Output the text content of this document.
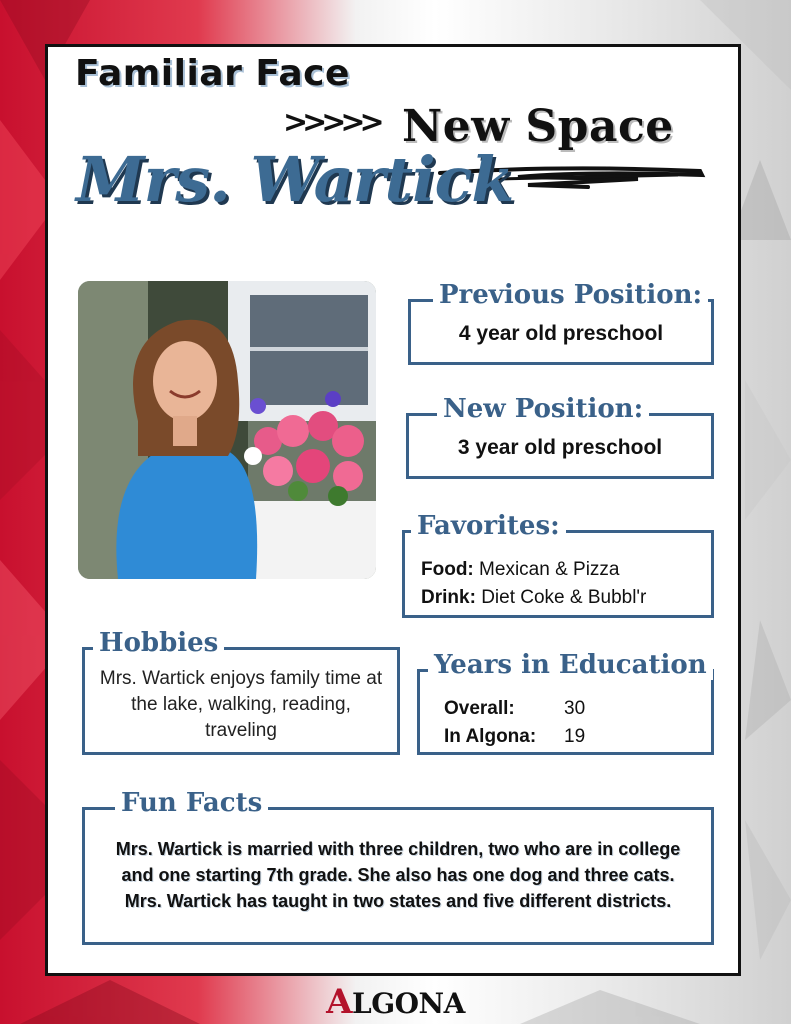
Familiar Face
>>>>> New Space
Mrs. Wartick
Previous Position:
4 year old preschool
New Position:
3 year old preschool
Favorites:
Food: Mexican & Pizza
Drink: Diet Coke & Bubbl'r
Hobbies
Mrs. Wartick enjoys family time at the lake, walking, reading, traveling
Years in Education
Overall:	30
In Algona: 19
Fun Facts
Mrs. Wartick is married with three children, two who are in college and one starting 7th grade. She also has one dog and three cats. Mrs. Wartick has taught in two states and five different districts.
ALGONA
